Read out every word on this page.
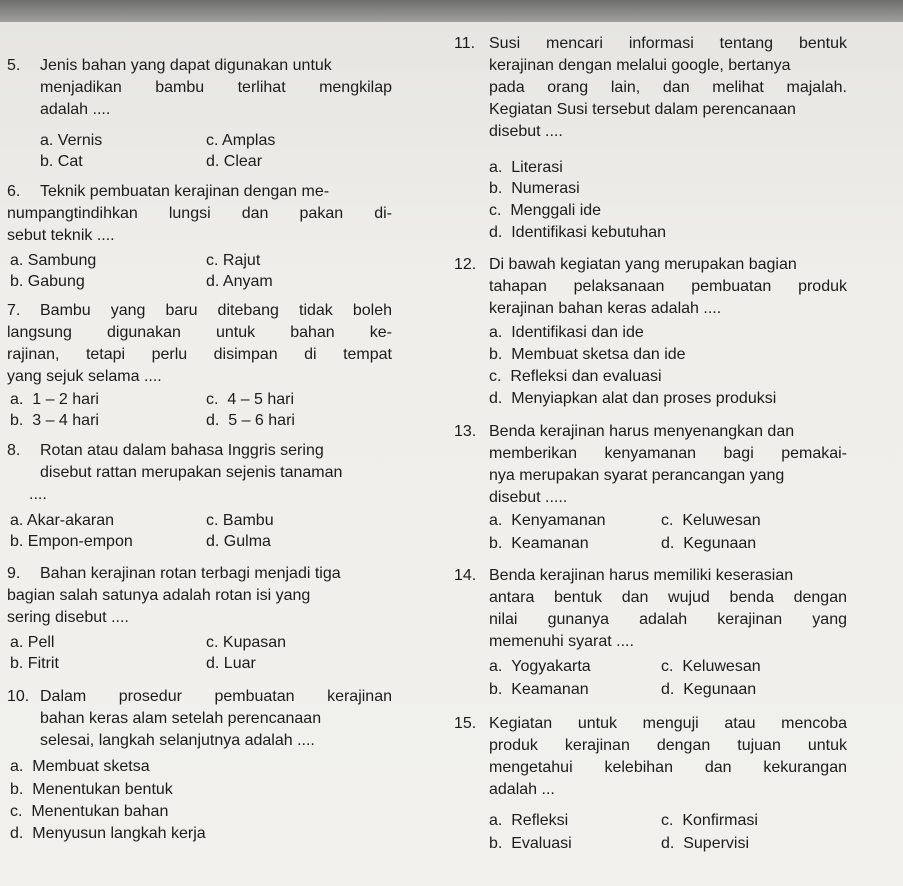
5. Jenis bahan yang dapat digunakan untuk
menjadikan bambu terlihat mengkilap
adalah ....
a. Vernis	c. Amplas
b. Cat	d. Clear
6. Teknik pembuatan kerajinan dengan me-
numpangtindihkan lungsi dan pakan di-
sebut teknik ....
a. Sambung	c. Rajut
b. Gabung	d. Anyam
7. Bambu yang baru ditebang tidak boleh
langsung digunakan untuk bahan ke-
rajinan, tetapi perlu disimpan di tempat
yang sejuk selama ....
a. 1 – 2 hari	c. 4 – 5 hari
b. 3 – 4 hari	d. 5 – 6 hari
8. Rotan atau dalam bahasa Inggris sering
disebut rattan merupakan sejenis tanaman
....
a. Akar-akaran	c. Bambu
b. Empon-empon	d. Gulma
9. Bahan kerajinan rotan terbagi menjadi tiga
bagian salah satunya adalah rotan isi yang
sering disebut ....
a. Pell	c. Kupasan
b. Fitrit	d. Luar
10. Dalam prosedur pembuatan kerajinan
bahan keras alam setelah perencanaan
selesai, langkah selanjutnya adalah ....
a. Membuat sketsa
b. Menentukan bentuk
c. Menentukan bahan
d. Menyusun langkah kerja
11. Susi mencari informasi tentang bentuk
kerajinan dengan melalui google, bertanya
pada orang lain, dan melihat majalah.
Kegiatan Susi tersebut dalam perencanaan
disebut ....
a. Literasi
b. Numerasi
c. Menggali ide
d. Identifikasi kebutuhan
12. Di bawah kegiatan yang merupakan bagian
tahapan pelaksanaan pembuatan produk
kerajinan bahan keras adalah ....
a. Identifikasi dan ide
b. Membuat sketsa dan ide
c. Refleksi dan evaluasi
d. Menyiapkan alat dan proses produksi
13. Benda kerajinan harus menyenangkan dan
memberikan kenyamanan bagi pemakai-
nya merupakan syarat perancangan yang
disebut .....
a. Kenyamanan	c. Keluwesan
b. Keamanan	d. Kegunaan
14. Benda kerajinan harus memiliki keserasian
antara bentuk dan wujud benda dengan
nilai gunanya adalah kerajinan yang
memenuhi syarat ....
a. Yogyakarta	c. Keluwesan
b. Keamanan	d. Kegunaan
15. Kegiatan untuk menguji atau mencoba
produk kerajinan dengan tujuan untuk
mengetahui kelebihan dan kekurangan
adalah ...
a. Refleksi	c. Konfirmasi
b. Evaluasi	d. Supervisi
